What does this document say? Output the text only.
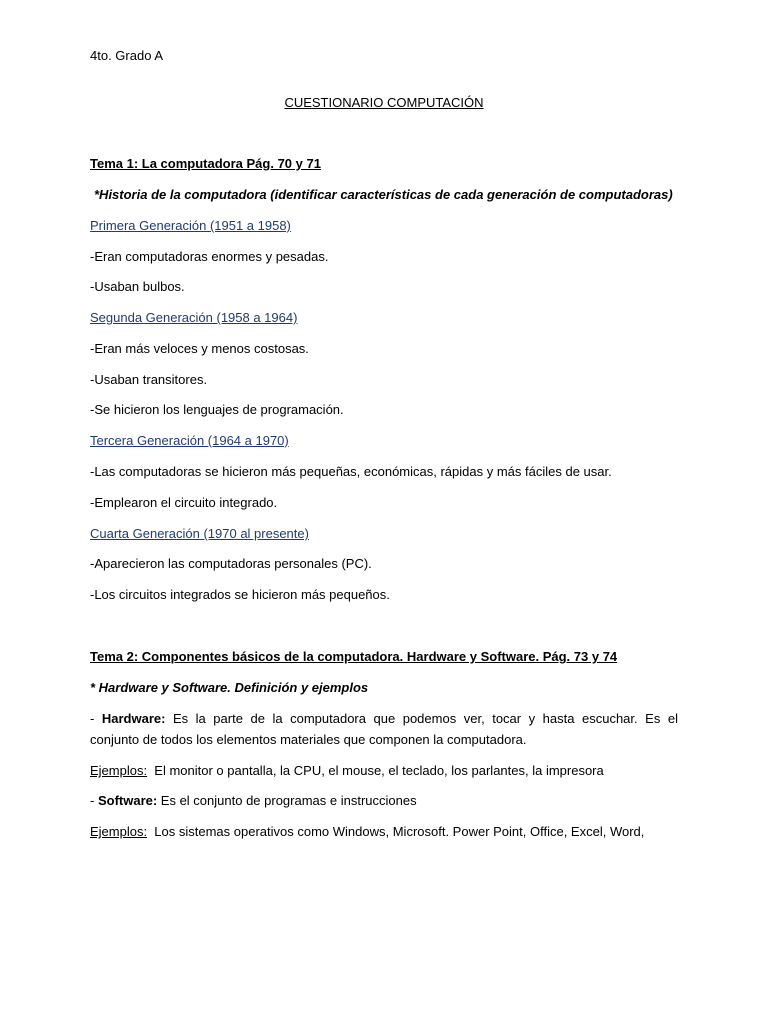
4to. Grado A
CUESTIONARIO COMPUTACIÓN
Tema 1: La computadora Pág. 70 y 71
*Historia de la computadora (identificar características de cada generación de computadoras)
Primera Generación (1951 a 1958)
-Eran computadoras enormes y pesadas.
-Usaban bulbos.
Segunda Generación (1958 a 1964)
-Eran más veloces y menos costosas.
-Usaban transitores.
-Se hicieron los lenguajes de programación.
Tercera Generación (1964 a 1970)
-Las computadoras se hicieron más pequeñas, económicas, rápidas y más fáciles de usar.
-Emplearon el circuito integrado.
Cuarta Generación (1970 al presente)
-Aparecieron las computadoras personales (PC).
-Los circuitos integrados se hicieron más pequeños.
Tema 2: Componentes básicos de la computadora. Hardware y Software. Pág. 73 y 74
* Hardware y Software. Definición y ejemplos
- Hardware: Es la parte de la computadora que podemos ver, tocar y hasta escuchar. Es el
conjunto de todos los elementos materiales que componen la computadora.
Ejemplos:  El monitor o pantalla, la CPU, el mouse, el teclado, los parlantes, la impresora
- Software: Es el conjunto de programas e instrucciones
Ejemplos:  Los sistemas operativos como Windows, Microsoft. Power Point, Office, Excel, Word,
